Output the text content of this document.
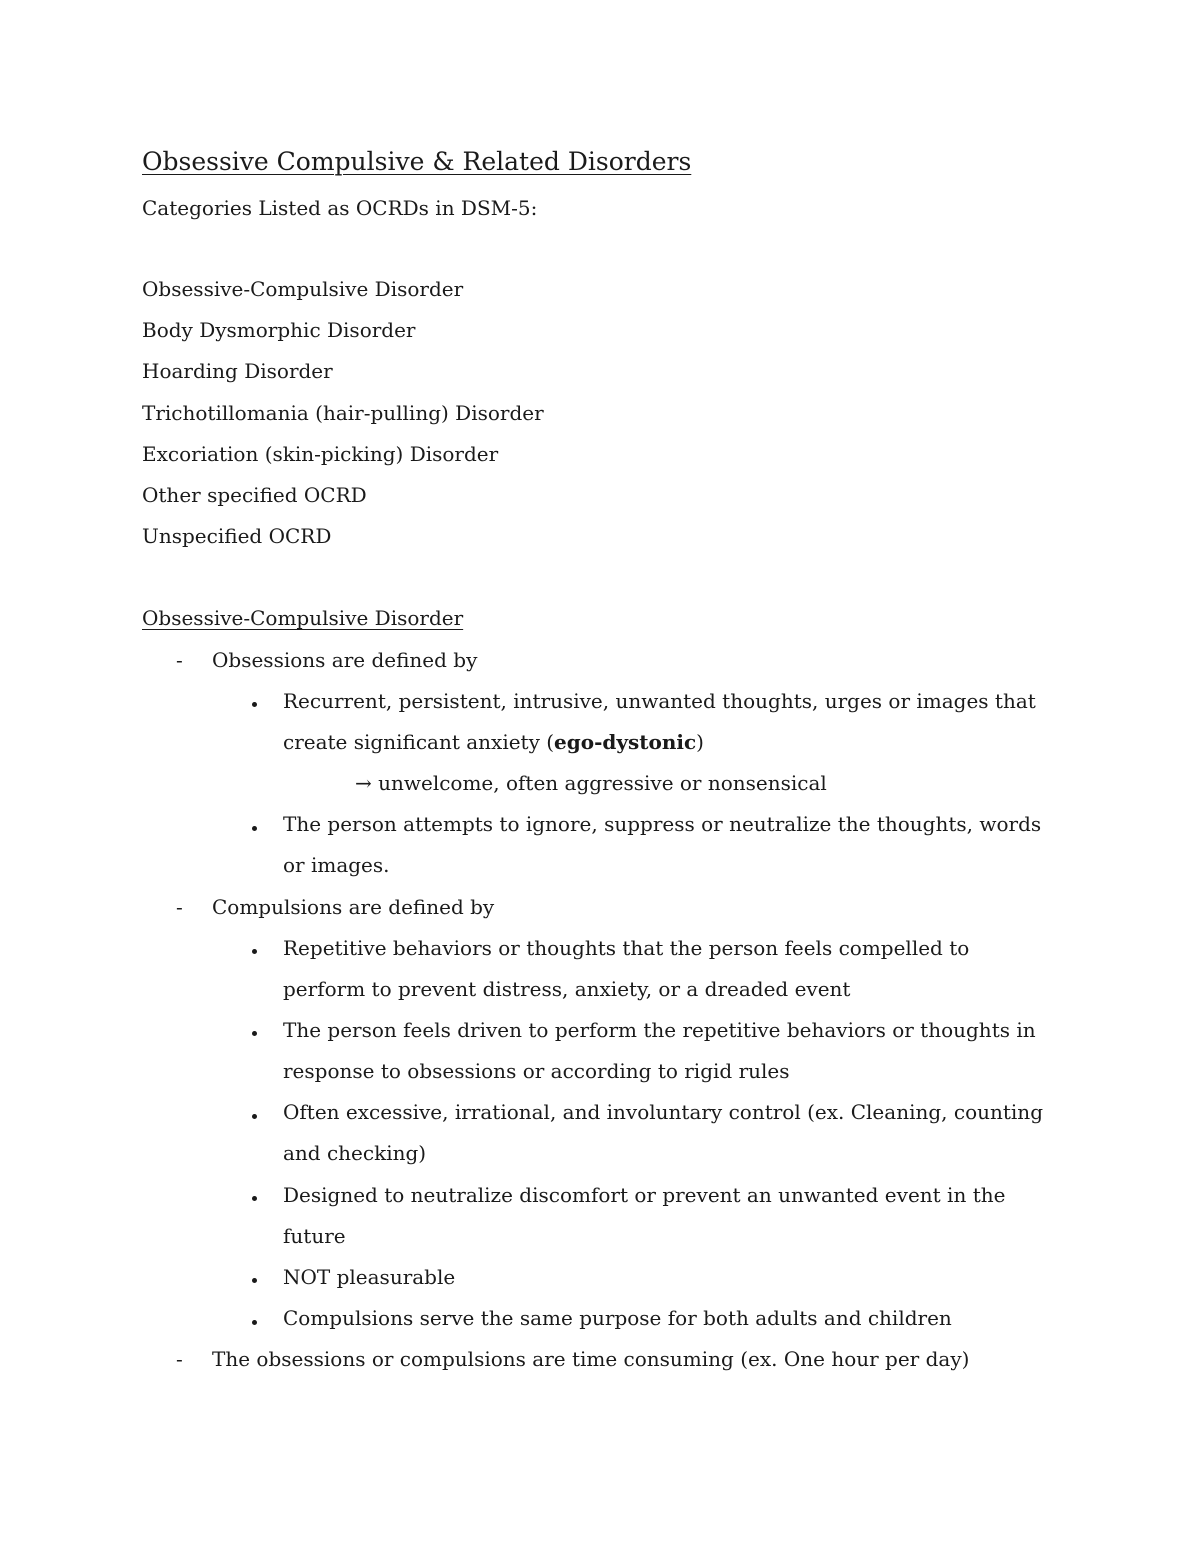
Obsessive Compulsive & Related Disorders

Categories Listed as OCRDs in DSM-5:

Obsessive-Compulsive Disorder

Body Dysmorphic Disorder

Hoarding Disorder

Trichotillomania (hair-pulling) Disorder

Excoriation (skin-picking) Disorder

Other specified OCRD

Unspecified OCRD

Obsessive-Compulsive Disorder

- Obsessions are defined by

Recurrent, persistent, intrusive, unwanted thoughts, urges or images that

create significant anxiety (ego-dystonic)

→ unwelcome, often aggressive or nonsensical

The person attempts to ignore, suppress or neutralize the thoughts, words

or images.

- Compulsions are defined by

Repetitive behaviors or thoughts that the person feels compelled to

perform to prevent distress, anxiety, or a dreaded event

The person feels driven to perform the repetitive behaviors or thoughts in

response to obsessions or according to rigid rules

Often excessive, irrational, and involuntary control (ex. Cleaning, counting

and checking)

Designed to neutralize discomfort or prevent an unwanted event in the

future

NOT pleasurable

Compulsions serve the same purpose for both adults and children

- The obsessions or compulsions are time consuming (ex. One hour per day)
